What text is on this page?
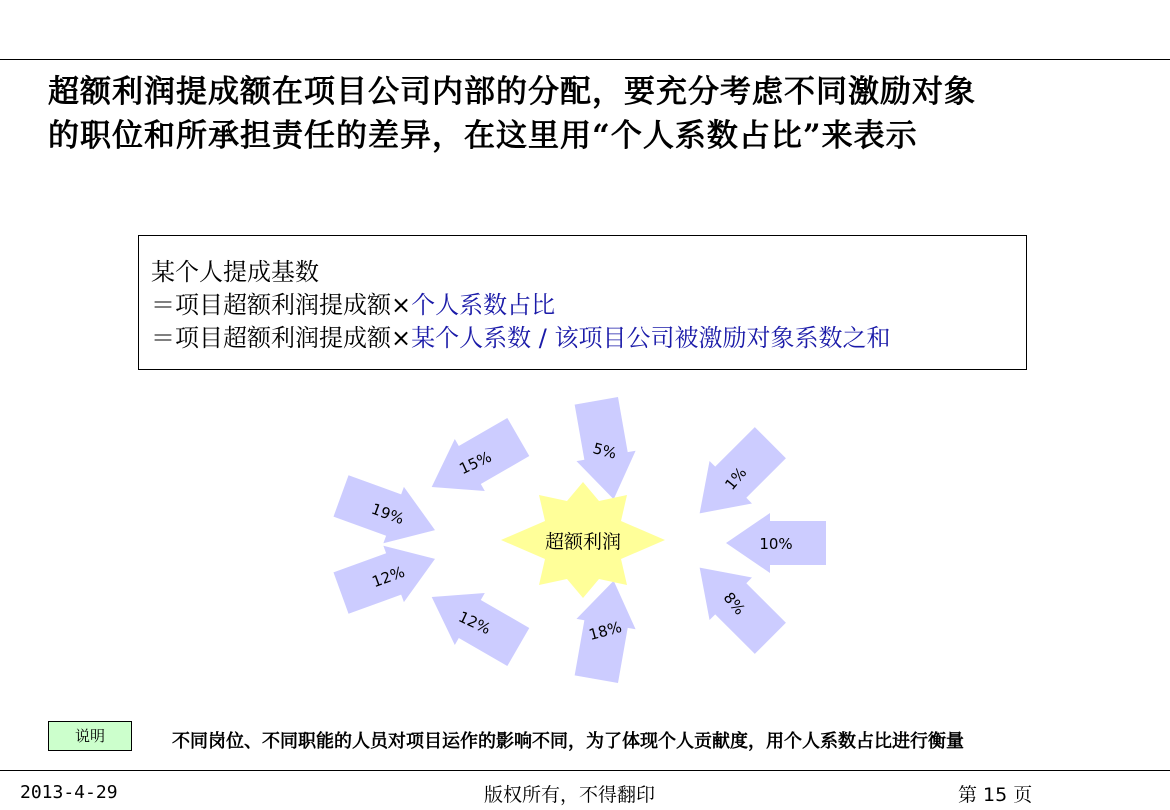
超额利润提成额在项目公司内部的分配，要充分考虑不同激励对象
的职位和所承担责任的差异，在这里用“个人系数占比”来表示
某个人提成基数
＝项目超额利润提成额×个人系数占比
＝项目超额利润提成额×某个人系数 / 该项目公司被激励对象系数之和
15%	5%
1%
19%
10%
12%
12%	18%
8%
超额利润
说明	不同岗位、不同职能的人员对项目运作的影响不同，为了体现个人贡献度，用个人系数占比进行衡量
2013-4-29	版权所有，不得翻印	第 15 页
